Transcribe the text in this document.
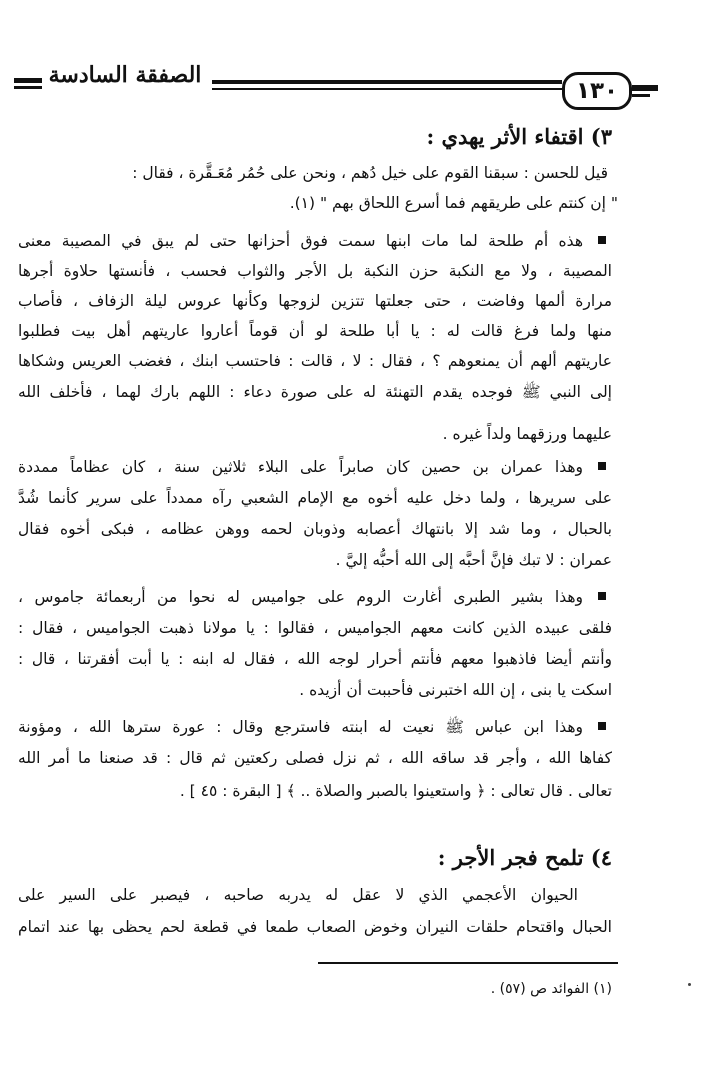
١٣٠
الصفقة السادسة
٣) اقتفاء الأثر يهدي :
قيل للحسن : سبقنا القوم على خيل دُهم ، ونحن على حُمُر مُعَـقَّرة ، فقال :
" إن كنتم على طريقهم فما أسرع اللحاق بهم " (١).
هذه أم طلحة لما مات ابنها سمت فوق أحزانها حتى لم يبق في المصيبة معنى
المصيبة ، ولا مع النكبة حزن النكبة بل الأجر والثواب فحسب ، فأنستها حلاوة أجرها
مرارة ألمها وفاضت ، حتى جعلتها تتزين لزوجها وكأنها عروس ليلة الزفاف ، فأصاب
منها ولما فرغ قالت له : يا أبا طلحة لو أن قوماً أعاروا عاريتهم أهل بيت فطلبوا
عاريتهم ألهم أن يمنعوهم ؟ ، فقال : لا ، قالت : فاحتسب ابنك ، فغضب العريس وشكاها
إلى النبي ﷺ فوجده يقدم التهنئة له على صورة دعاء : اللهم بارك لهما ، فأخلف الله
عليهما ورزقهما ولداً غيره .
وهذا عمران بن حصين كان صابراً على البلاء ثلاثين سنة ، كان عظاماً ممددة
على سريرها ، ولما دخل عليه أخوه مع الإمام الشعبي رآه ممدداً على سرير كأنما شُدَّ
بالحبال ، وما شد إلا بانتهاك أعصابه وذوبان لحمه ووهن عظامه ، فبكى أخوه فقال
عمران : لا تبك فإنَّ أحبَّه إلى الله أحبُّه إليَّ .
وهذا بشير الطبرى أغارت الروم على جواميس له نحوا من أربعمائة جاموس ،
فلقى عبيده الذين كانت معهم الجواميس ، فقالوا : يا مولانا ذهبت الجواميس ، فقال :
وأنتم أيضا فاذهبوا معهم فأنتم أحرار لوجه الله ، فقال له ابنه : يا أبت أفقرتنا ، قال :
اسكت يا بنى ، إن الله اختبرنى فأحببت أن أزيده .
وهذا ابن عباس ﷺ نعيت له ابنته فاسترجع وقال : عورة سترها الله ، ومؤونة
كفاها الله ، وأجر قد ساقه الله ، ثم نزل فصلى ركعتين ثم قال : قد صنعنا ما أمر الله
تعالى . قال تعالى : ﴿ واستعينوا بالصبر والصلاة .. ﴾ [ البقرة : ٤٥ ] .
٤) تلمح فجر الأجر :
الحيوان الأعجمي الذي لا عقل له يدربه صاحبه ، فيصبر على السير على
الحبال واقتحام حلقات النيران وخوض الصعاب طمعا في قطعة لحم يحظى بها عند اتمام
(١) الفوائد ص (٥٧) .
